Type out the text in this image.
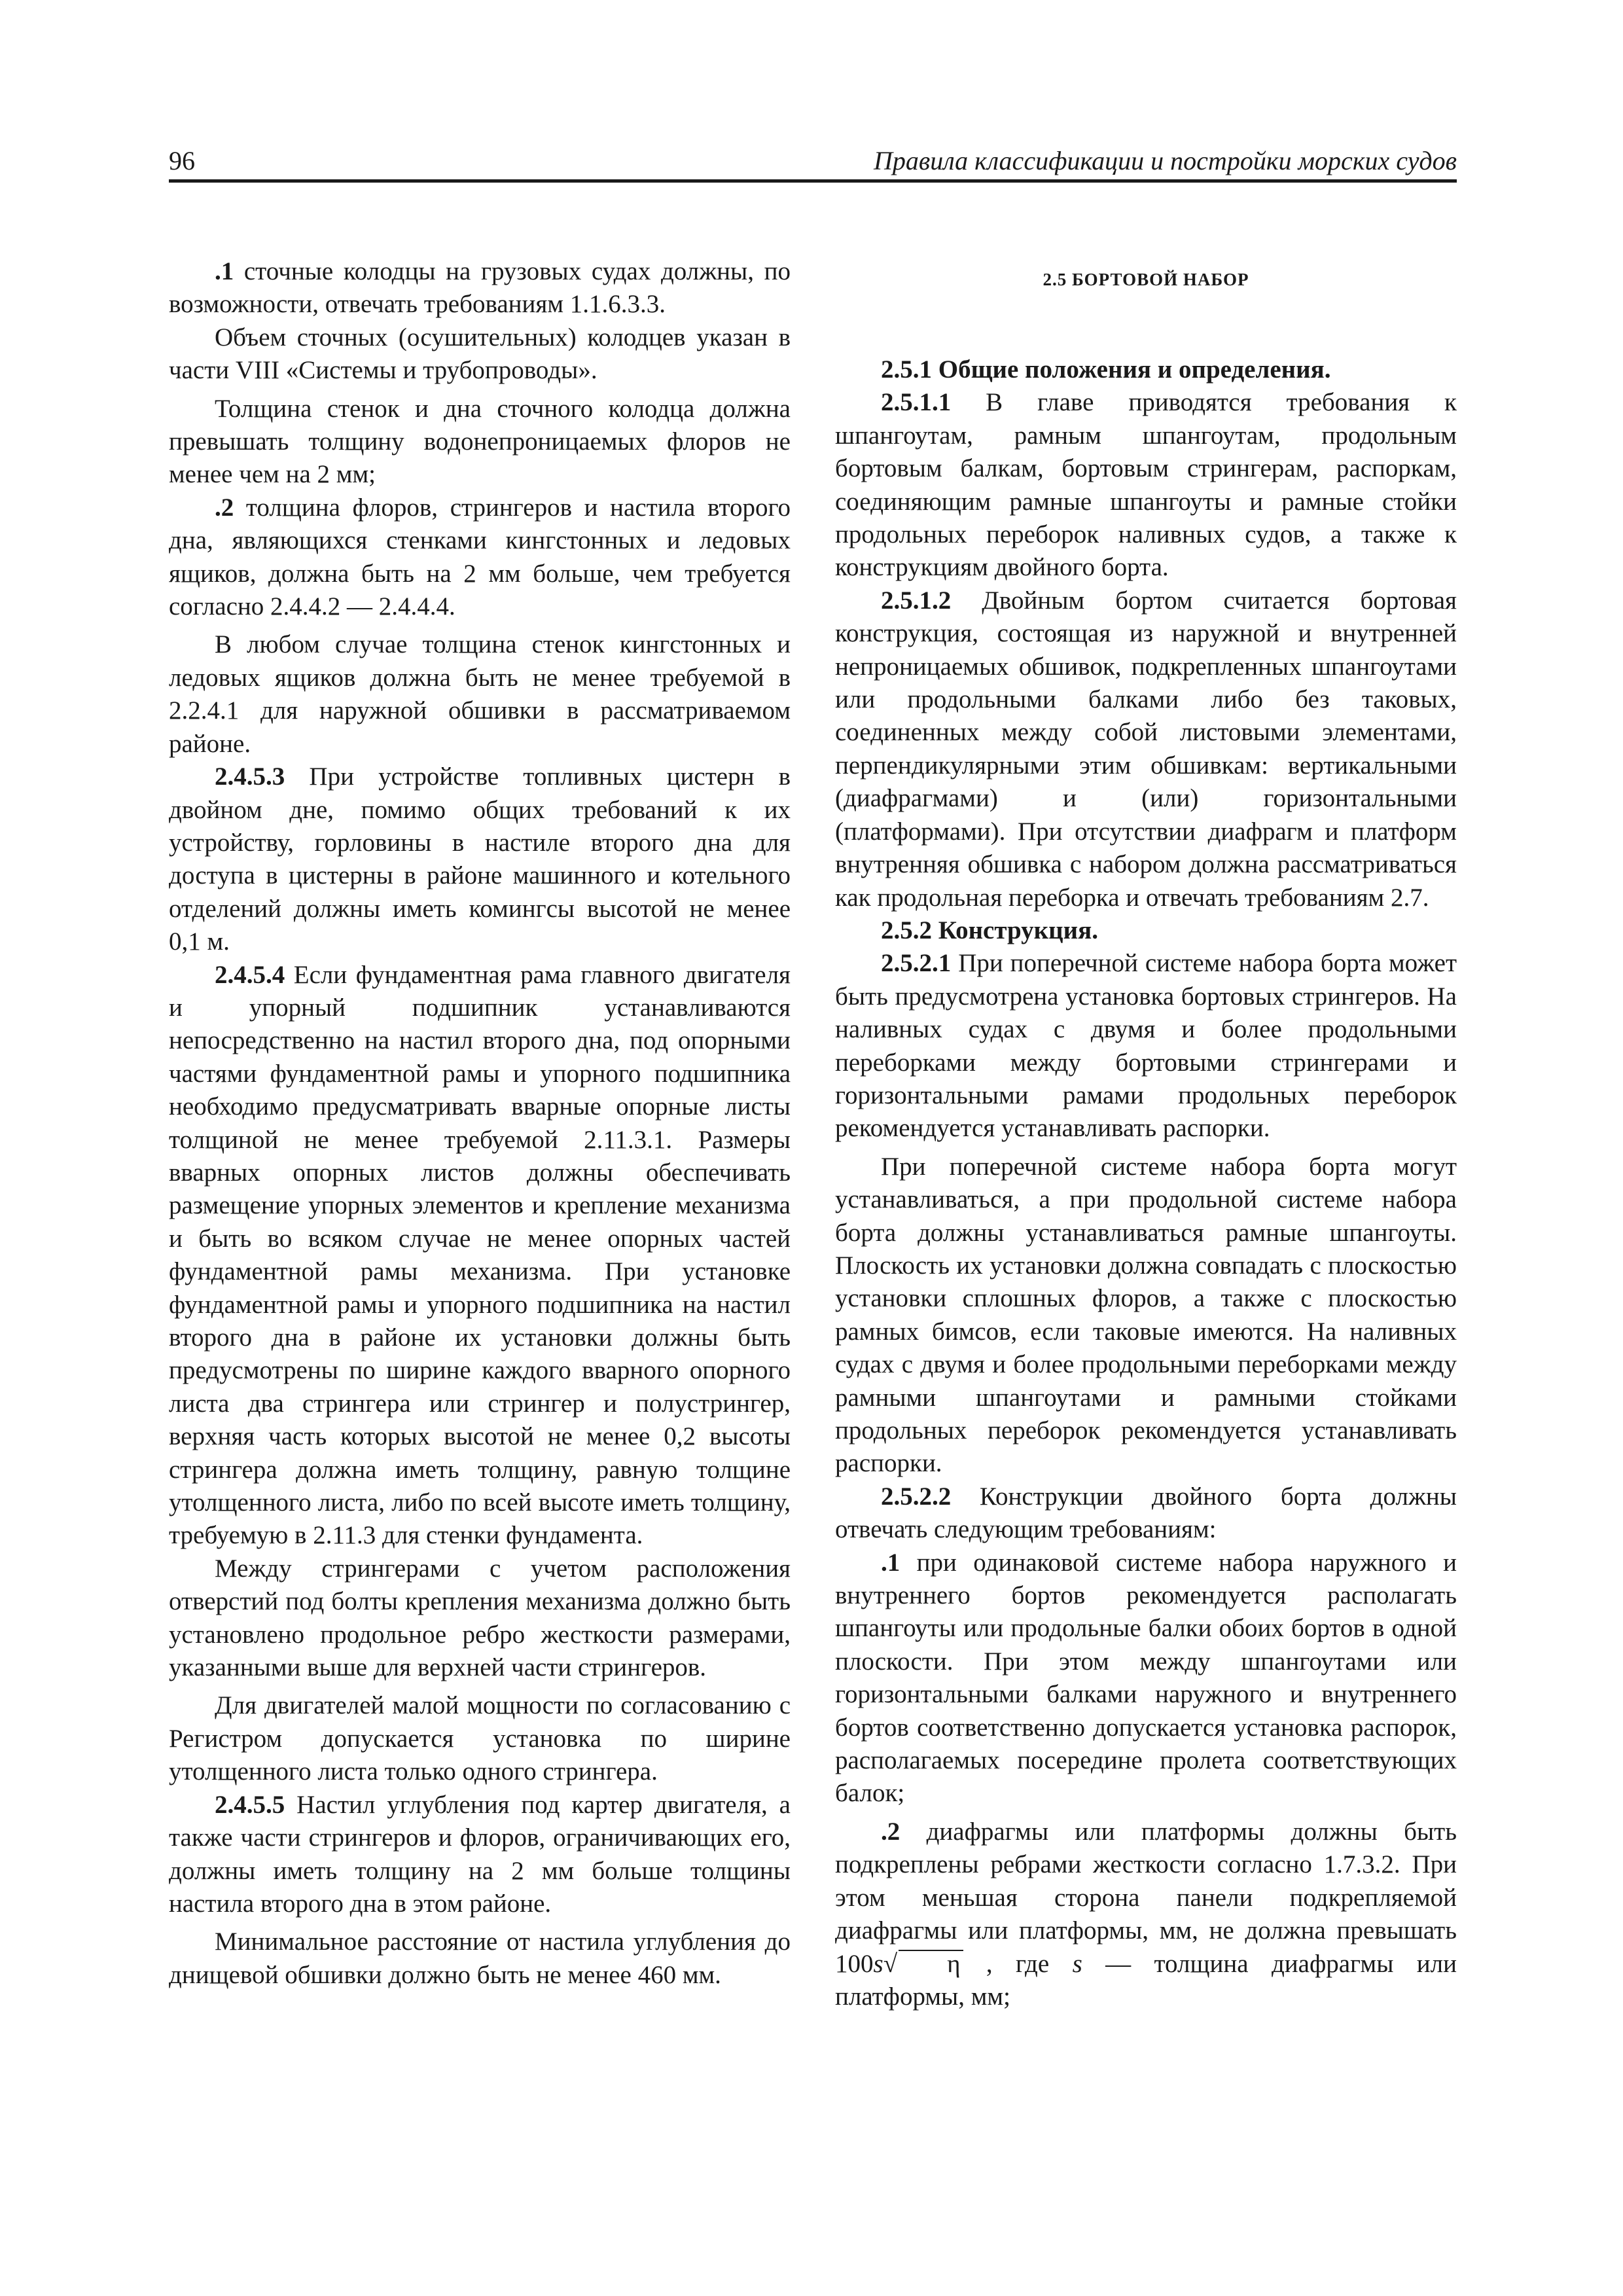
96	Правила классификации и постройки морских судов

.1 сточные колодцы на грузовых судах должны, по возможности, отвечать требованиям 1.1.6.3.3.

Объем сточных (осушительных) колодцев указан в части VIII «Системы и трубопроводы».

Толщина стенок и дна сточного колодца должна превышать толщину водонепроницаемых флоров не менее чем на 2 мм;

.2 толщина флоров, стрингеров и настила второго дна, являющихся стенками кингстонных и ледовых ящиков, должна быть на 2 мм больше, чем требуется согласно 2.4.4.2 — 2.4.4.4.

В любом случае толщина стенок кингстонных и ледовых ящиков должна быть не менее требуемой в 2.2.4.1 для наружной обшивки в рассматриваемом районе.

2.4.5.3 При устройстве топливных цистерн в двойном дне, помимо общих требований к их устройству, горловины в настиле второго дна для доступа в цистерны в районе машинного и котельного отделений должны иметь комингсы высотой не менее 0,1 м.

2.4.5.4 Если фундаментная рама главного двигателя и упорный подшипник устанавливаются непосредственно на настил второго дна, под опорными частями фундаментной рамы и упорного подшипника необходимо предусматривать вварные опорные листы толщиной не менее требуемой 2.11.3.1. Размеры вварных опорных листов должны обеспечивать размещение упорных элементов и крепление механизма и быть во всяком случае не менее опорных частей фундаментной рамы механизма. При установке фундаментной рамы и упорного подшипника на настил второго дна в районе их установки должны быть предусмотрены по ширине каждого вварного опорного листа два стрингера или стрингер и полустрингер, верхняя часть которых высотой не менее 0,2 высоты стрингера должна иметь толщину, равную толщине утолщенного листа, либо по всей высоте иметь толщину, требуемую в 2.11.3 для стенки фундамента.

Между стрингерами с учетом расположения отверстий под болты крепления механизма должно быть установлено продольное ребро жесткости размерами, указанными выше для верхней части стрингеров.

Для двигателей малой мощности по согласованию с Регистром допускается установка по ширине утолщенного листа только одного стрингера.

2.4.5.5 Настил углубления под картер двигателя, а также части стрингеров и флоров, ограничивающих его, должны иметь толщину на 2 мм больше толщины настила второго дна в этом районе.

Минимальное расстояние от настила углубления до днищевой обшивки должно быть не менее 460 мм.

2.5 БОРТОВОЙ НАБОР

2.5.1 Общие положения и определения.

2.5.1.1 В главе приводятся требования к шпангоутам, рамным шпангоутам, продольным бортовым балкам, бортовым стрингерам, распоркам, соединяющим рамные шпангоуты и рамные стойки продольных переборок наливных судов, а также к конструкциям двойного борта.

2.5.1.2 Двойным бортом считается бортовая конструкция, состоящая из наружной и внутренней непроницаемых обшивок, подкрепленных шпангоутами или продольными балками либо без таковых, соединенных между собой листовыми элементами, перпендикулярными этим обшивкам: вертикальными (диафрагмами) и (или) горизонтальными (платформами). При отсутствии диафрагм и платформ внутренняя обшивка с набором должна рассматриваться как продольная переборка и отвечать требованиям 2.7.

2.5.2 Конструкция.

2.5.2.1 При поперечной системе набора борта может быть предусмотрена установка бортовых стрингеров. На наливных судах с двумя и более продольными переборками между бортовыми стрингерами и горизонтальными рамами продольных переборок рекомендуется устанавливать распорки.

При поперечной системе набора борта могут устанавливаться, а при продольной системе набора борта должны устанавливаться рамные шпангоуты. Плоскость их установки должна совпадать с плоскостью установки сплошных флоров, а также с плоскостью рамных бимсов, если таковые имеются. На наливных судах с двумя и более продольными переборками между рамными шпангоутами и рамными стойками продольных переборок рекомендуется устанавливать распорки.

2.5.2.2 Конструкции двойного борта должны отвечать следующим требованиям:

.1 при одинаковой системе набора наружного и внутреннего бортов рекомендуется располагать шпангоуты или продольные балки обоих бортов в одной плоскости. При этом между шпангоутами или горизонтальными балками наружного и внутреннего бортов соответственно допускается установка распорок, располагаемых посередине пролета соответствующих балок;

.2 диафрагмы или платформы должны быть подкреплены ребрами жесткости согласно 1.7.3.2. При этом меньшая сторона панели подкрепляемой диафрагмы или платформы, мм, не должна превышать 100s√ η , где s — толщина диафрагмы или платформы, мм;
